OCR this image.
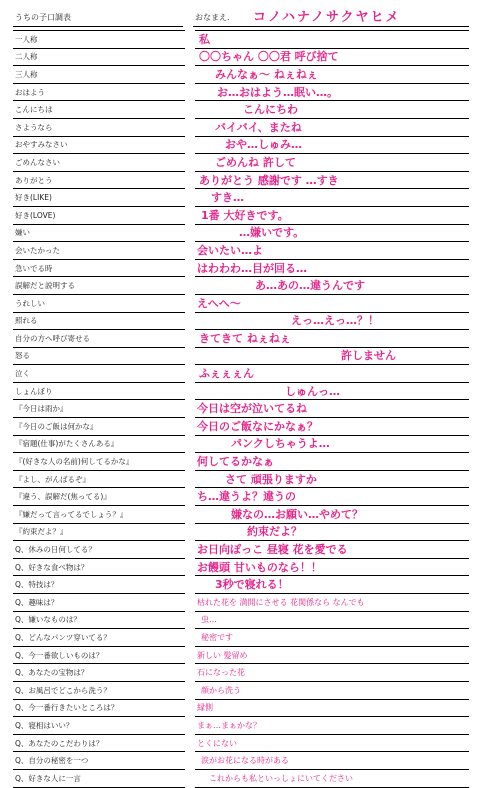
うちの子口調表	おなまえ. コノハナノサクヤヒメ
一人称		私
二人称		〇〇ちゃん 〇〇君 呼び捨て
三人称		みんなぁ～ ねぇねぇ
おはよう		お…おはよう…眠い…。
こんにちは		こんにちわ
さようなら		バイバイ、またね
おやすみなさい		おや…しゅみ…
ごめんなさい		ごめんね 許して
ありがとう		ありがとう 感謝です …すき
好き(LIKE)		すき…
好き(LOVE)		1番 大好きです。
嫌い		…嫌いです。
会いたかった		会いたい…よ
急いでる時		はわわわ…目が回る…
誤解だと説明する		あ…あの…違うんです
うれしい		えへへ～
照れる		えっ…えっ…？！
自分の方へ呼び寄せる		きてきて ねぇねぇ
怒る		許しません
泣く		ふぇぇぇん
しょんぼり		しゅんっ…
『今日は雨か』		今日は空が泣いてるね
『今日のご飯は何かな』		今日のご飯なにかなぁ？
『宿題(仕事)がたくさんある』		パンクしちゃうよ…
『(好きな人の名前)何してるかな』		何してるかなぁ
『よし、がんばるぞ』		さて 頑張りますか
『違う、誤解だ(焦ってる)』		ち…違うよ？違うの
『嫌だって言ってるでしょう？』		嫌なの…お願い…やめて？
『約束だよ？』		約束だよ？
Q、休みの日何してる？		お日向ぽっこ 昼寝 花を愛でる
Q、好きな食べ物は？		お饅頭 甘いものなら！！
Q、特技は？		3秒で寝れる！
Q、趣味は？		枯れた花を 満開にさせる 花関係なら なんでも
Q、嫌いなものは？		虫…
Q、どんなパンツ穿いてる？		秘密です
Q、今一番欲しいものは？		新しい 髪留め
Q、あなたの宝物は？		石になった花
Q、お風呂でどこから洗う？		顔から洗う
Q、今一番行きたいところは？		縁側
Q、寝相はいい？		まぁ…まぁかな？
Q、あなたのこだわりは？		とくにない
Q、自分の秘密を一つ		涙がお花になる時がある
Q、好きな人に一言		これからも私といっしょにいてください
